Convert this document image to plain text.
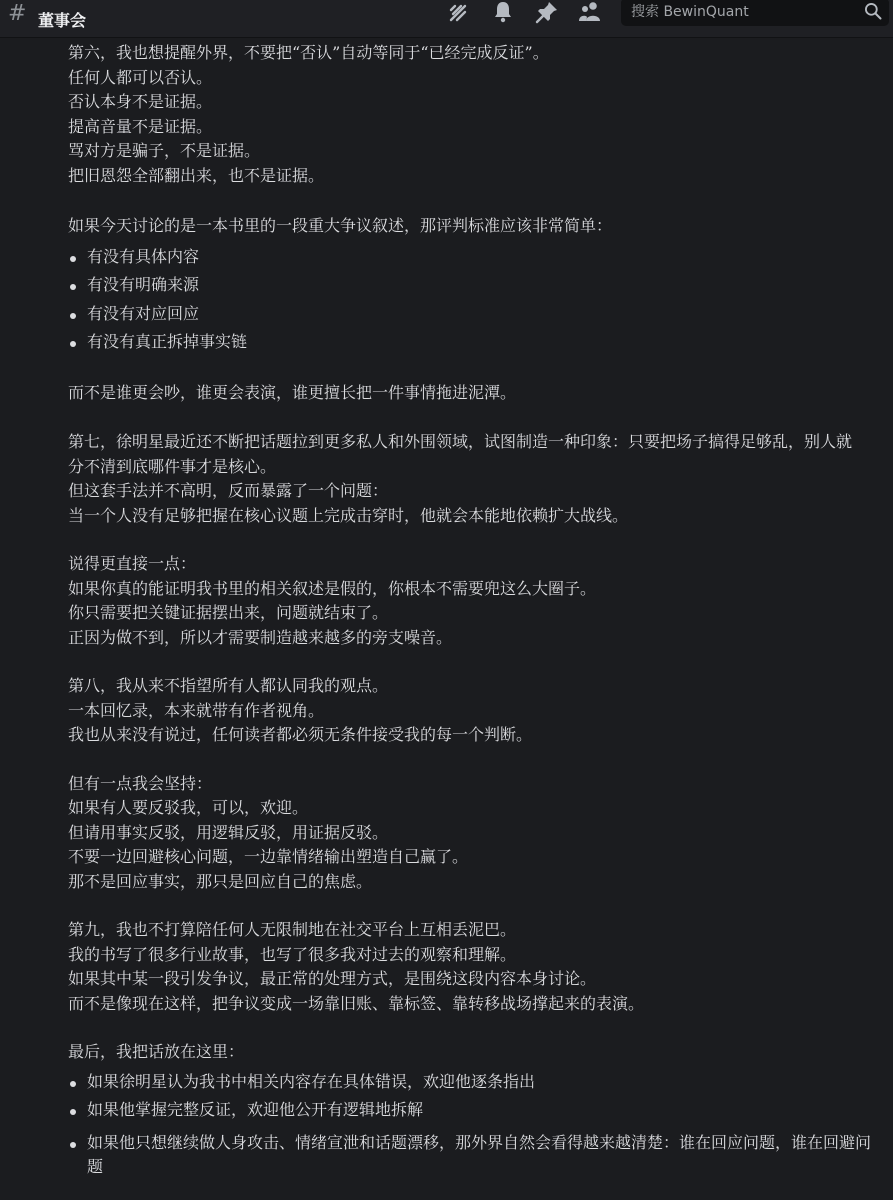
# 董事会
搜索 BewinQuant

第六，我也想提醒外界，不要把“否认”自动等同于“已经完成反证”。

任何人都可以否认。

否认本身不是证据。

提高音量不是证据。

骂对方是骗子，不是证据。

把旧恩怨全部翻出来，也不是证据。

如果今天讨论的是一本书里的一段重大争议叙述，那评判标准应该非常简单：

有没有具体内容
有没有明确来源
有没有对应回应
有没有真正拆掉事实链

而不是谁更会吵，谁更会表演，谁更擅长把一件事情拖进泥潭。

第七，徐明星最近还不断把话题拉到更多私人和外围领域，试图制造一种印象：只要把场子搞得足够乱，别人就分不清到底哪件事才是核心。

但这套手法并不高明，反而暴露了一个问题：

当一个人没有足够把握在核心议题上完成击穿时，他就会本能地依赖扩大战线。

说得更直接一点：

如果你真的能证明我书里的相关叙述是假的，你根本不需要兜这么大圈子。

你只需要把关键证据摆出来，问题就结束了。

正因为做不到，所以才需要制造越来越多的旁支噪音。

第八，我从来不指望所有人都认同我的观点。

一本回忆录，本来就带有作者视角。

我也从来没有说过，任何读者都必须无条件接受我的每一个判断。

但有一点我会坚持：

如果有人要反驳我，可以，欢迎。

但请用事实反驳，用逻辑反驳，用证据反驳。

不要一边回避核心问题，一边靠情绪输出塑造自己赢了。

那不是回应事实，那只是回应自己的焦虑。

第九，我也不打算陪任何人无限制地在社交平台上互相丢泥巴。

我的书写了很多行业故事，也写了很多我对过去的观察和理解。

如果其中某一段引发争议，最正常的处理方式，是围绕这段内容本身讨论。

而不是像现在这样，把争议变成一场靠旧账、靠标签、靠转移战场撑起来的表演。

最后，我把话放在这里：

如果徐明星认为我书中相关内容存在具体错误，欢迎他逐条指出
如果他掌握完整反证，欢迎他公开有逻辑地拆解
如果他只想继续做人身攻击、情绪宣泄和话题漂移，那外界自然会看得越来越清楚：谁在回应问题，谁在回避问题
